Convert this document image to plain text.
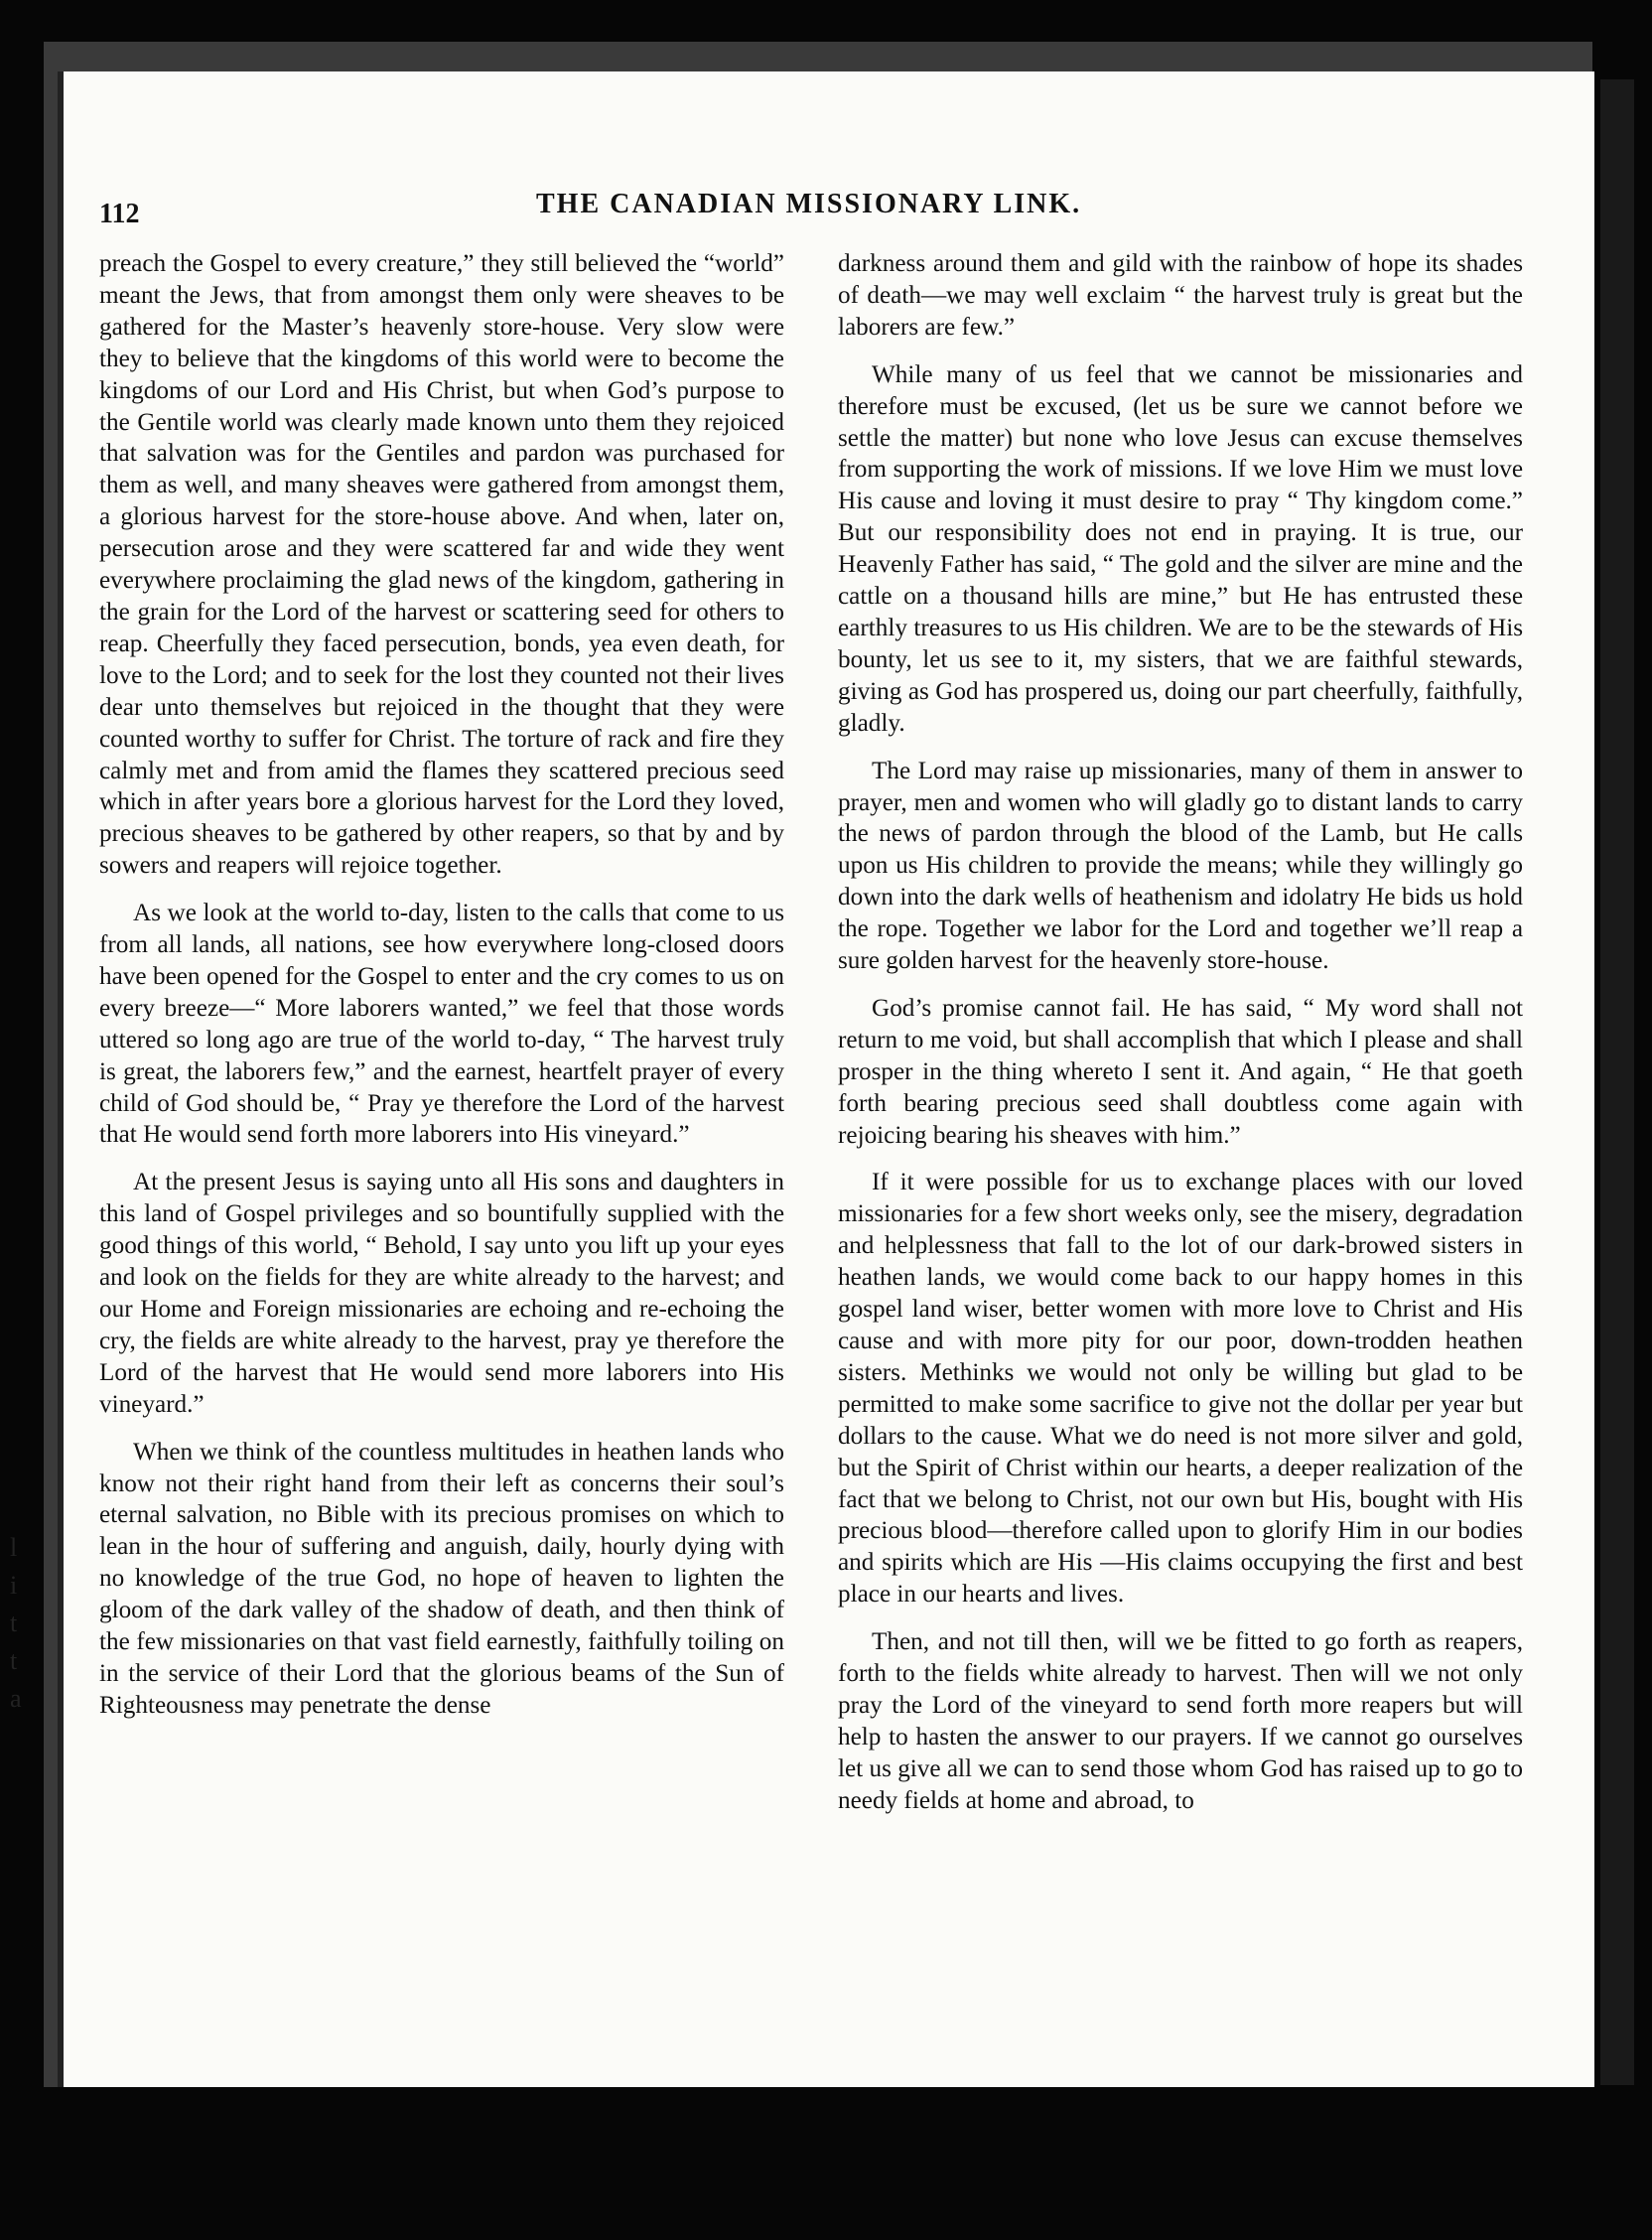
112	THE CANADIAN MISSIONARY LINK.

preach the Gospel to every creature,” they still believed the “world” meant the Jews, that from amongst them only were sheaves to be gathered for the Master’s heavenly store-house. Very slow were they to believe that the kingdoms of this world were to become the kingdoms of our Lord and His Christ, but when God’s purpose to the Gentile world was clearly made known unto them they rejoiced that salvation was for the Gentiles and pardon was purchased for them as well, and many sheaves were gathered from amongst them, a glorious harvest for the store-house above. And when, later on, persecution arose and they were scattered far and wide they went everywhere proclaiming the glad news of the kingdom, gathering in the grain for the Lord of the harvest or scattering seed for others to reap. Cheerfully they faced persecution, bonds, yea even death, for love to the Lord; and to seek for the lost they counted not their lives dear unto themselves but rejoiced in the thought that they were counted worthy to suffer for Christ. The torture of rack and fire they calmly met and from amid the flames they scattered precious seed which in after years bore a glorious harvest for the Lord they loved, precious sheaves to be gathered by other reapers, so that by and by sowers and reapers will rejoice together.

As we look at the world to-day, listen to the calls that come to us from all lands, all nations, see how everywhere long-closed doors have been opened for the Gospel to enter and the cry comes to us on every breeze—“ More laborers wanted,” we feel that those words uttered so long ago are true of the world to-day, “ The harvest truly is great, the laborers few,” and the earnest, heartfelt prayer of every child of God should be, “ Pray ye therefore the Lord of the harvest that He would send forth more laborers into His vineyard.”

At the present Jesus is saying unto all His sons and daughters in this land of Gospel privileges and so bountifully supplied with the good things of this world, “ Behold, I say unto you lift up your eyes and look on the fields for they are white already to the harvest; and our Home and Foreign missionaries are echoing and re-echoing the cry, the fields are white already to the harvest, pray ye therefore the Lord of the harvest that He would send more laborers into His vineyard.”

When we think of the countless multitudes in heathen lands who know not their right hand from their left as concerns their soul’s eternal salvation, no Bible with its precious promises on which to lean in the hour of suffering and anguish, daily, hourly dying with no knowledge of the true God, no hope of heaven to lighten the gloom of the dark valley of the shadow of death, and then think of the few missionaries on that vast field earnestly, faithfully toiling on in the service of their Lord that the glorious beams of the Sun of Righteousness may penetrate the dense

darkness around them and gild with the rainbow of hope its shades of death—we may well exclaim “ the harvest truly is great but the laborers are few.”

While many of us feel that we cannot be missionaries and therefore must be excused, (let us be sure we cannot before we settle the matter) but none who love Jesus can excuse themselves from supporting the work of missions. If we love Him we must love His cause and loving it must desire to pray “ Thy kingdom come.” But our responsibility does not end in praying. It is true, our Heavenly Father has said, “ The gold and the silver are mine and the cattle on a thousand hills are mine,” but He has entrusted these earthly treasures to us His children. We are to be the stewards of His bounty, let us see to it, my sisters, that we are faithful stewards, giving as God has prospered us, doing our part cheerfully, faithfully, gladly.

The Lord may raise up missionaries, many of them in answer to prayer, men and women who will gladly go to distant lands to carry the news of pardon through the blood of the Lamb, but He calls upon us His children to provide the means; while they willingly go down into the dark wells of heathenism and idolatry He bids us hold the rope. Together we labor for the Lord and together we’ll reap a sure golden harvest for the heavenly store-house.

God’s promise cannot fail. He has said, “ My word shall not return to me void, but shall accomplish that which I please and shall prosper in the thing whereto I sent it. And again, “ He that goeth forth bearing precious seed shall doubtless come again with rejoicing bearing his sheaves with him.”

If it were possible for us to exchange places with our loved missionaries for a few short weeks only, see the misery, degradation and helplessness that fall to the lot of our dark-browed sisters in heathen lands, we would come back to our happy homes in this gospel land wiser, better women with more love to Christ and His cause and with more pity for our poor, down-trodden heathen sisters. Methinks we would not only be willing but glad to be permitted to make some sacrifice to give not the dollar per year but dollars to the cause. What we do need is not more silver and gold, but the Spirit of Christ within our hearts, a deeper realization of the fact that we belong to Christ, not our own but His, bought with His precious blood—therefore called upon to glorify Him in our bodies and spirits which are His —His claims occupying the first and best place in our hearts and lives.

Then, and not till then, will we be fitted to go forth as reapers, forth to the fields white already to harvest. Then will we not only pray the Lord of the vineyard to send forth more reapers but will help to hasten the answer to our prayers. If we cannot go ourselves let us give all we can to send those whom God has raised up to go to needy fields at home and abroad, to

l
i
t
t
a
